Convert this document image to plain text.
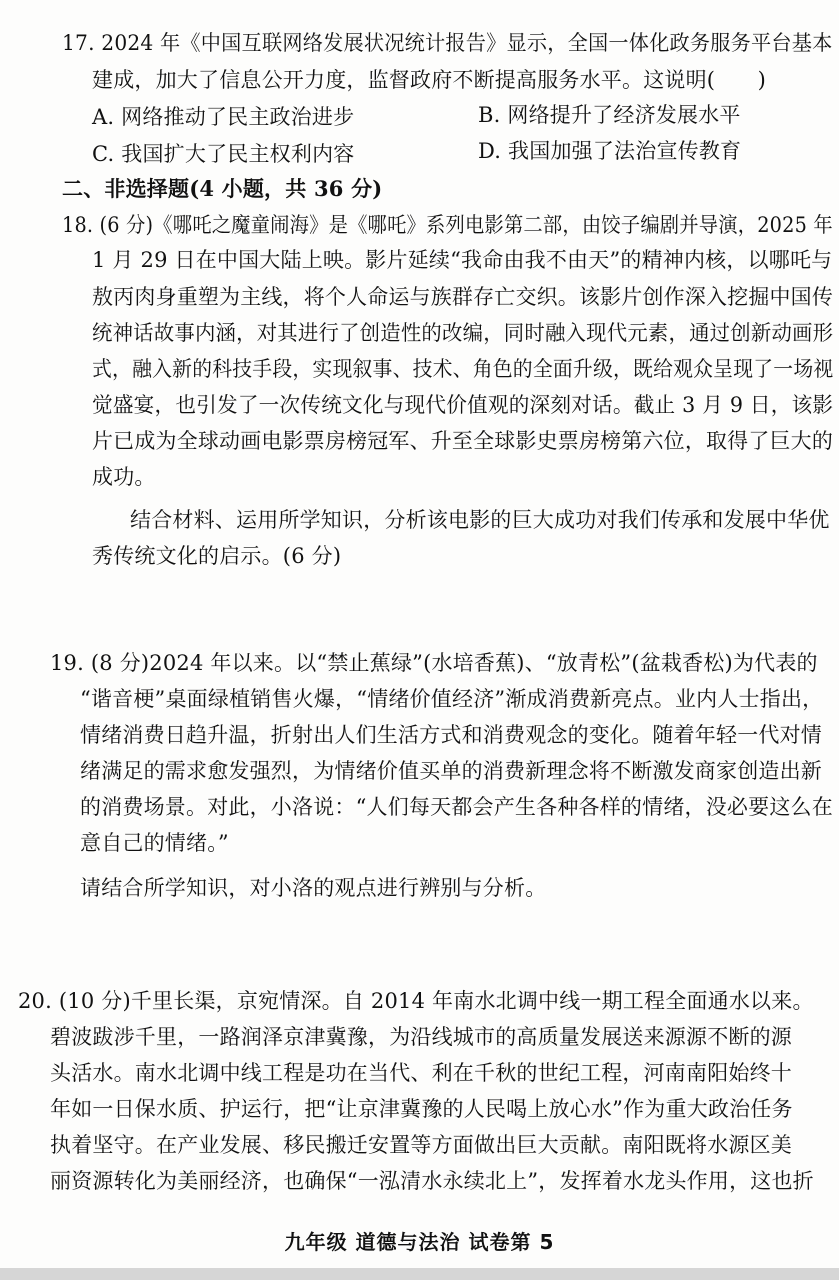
17. 2024 年《中国互联网络发展状况统计报告》显示，全国一体化政务服务平台基本
建成，加大了信息公开力度，监督政府不断提高服务水平。这说明(　　)
A. 网络推动了民主政治进步	B. 网络提升了经济发展水平
C. 我国扩大了民主权利内容	D. 我国加强了法治宣传教育
二、非选择题(4 小题，共 36 分)
18. (6 分)《哪吒之魔童闹海》是《哪吒》系列电影第二部，由饺子编剧并导演，2025 年
1 月 29 日在中国大陆上映。影片延续“我命由我不由天”的精神内核，以哪吒与
敖丙肉身重塑为主线，将个人命运与族群存亡交织。该影片创作深入挖掘中国传
统神话故事内涵，对其进行了创造性的改编，同时融入现代元素，通过创新动画形
式，融入新的科技手段，实现叙事、技术、角色的全面升级，既给观众呈现了一场视
觉盛宴，也引发了一次传统文化与现代价值观的深刻对话。截止 3 月 9 日，该影
片已成为全球动画电影票房榜冠军、升至全球影史票房榜第六位，取得了巨大的
成功。
结合材料、运用所学知识，分析该电影的巨大成功对我们传承和发展中华优
秀传统文化的启示。(6 分)
19. (8 分)2024 年以来。以“禁止蕉绿”(水培香蕉)、“放青松”(盆栽香松)为代表的
“谐音梗”桌面绿植销售火爆，“情绪价值经济”渐成消费新亮点。业内人士指出，
情绪消费日趋升温，折射出人们生活方式和消费观念的变化。随着年轻一代对情
绪满足的需求愈发强烈，为情绪价值买单的消费新理念将不断激发商家创造出新
的消费场景。对此，小洛说：“人们每天都会产生各种各样的情绪，没必要这么在
意自己的情绪。”
请结合所学知识，对小洛的观点进行辨别与分析。
20. (10 分)千里长渠，京宛情深。自 2014 年南水北调中线一期工程全面通水以来。
碧波跋涉千里，一路润泽京津冀豫，为沿线城市的高质量发展送来源源不断的源
头活水。南水北调中线工程是功在当代、利在千秋的世纪工程，河南南阳始终十
年如一日保水质、护运行，把“让京津冀豫的人民喝上放心水”作为重大政治任务
执着坚守。在产业发展、移民搬迁安置等方面做出巨大贡献。南阳既将水源区美
丽资源转化为美丽经济，也确保“一泓清水永续北上”，发挥着水龙头作用，这也折
九年级 道德与法治 试卷第 5
